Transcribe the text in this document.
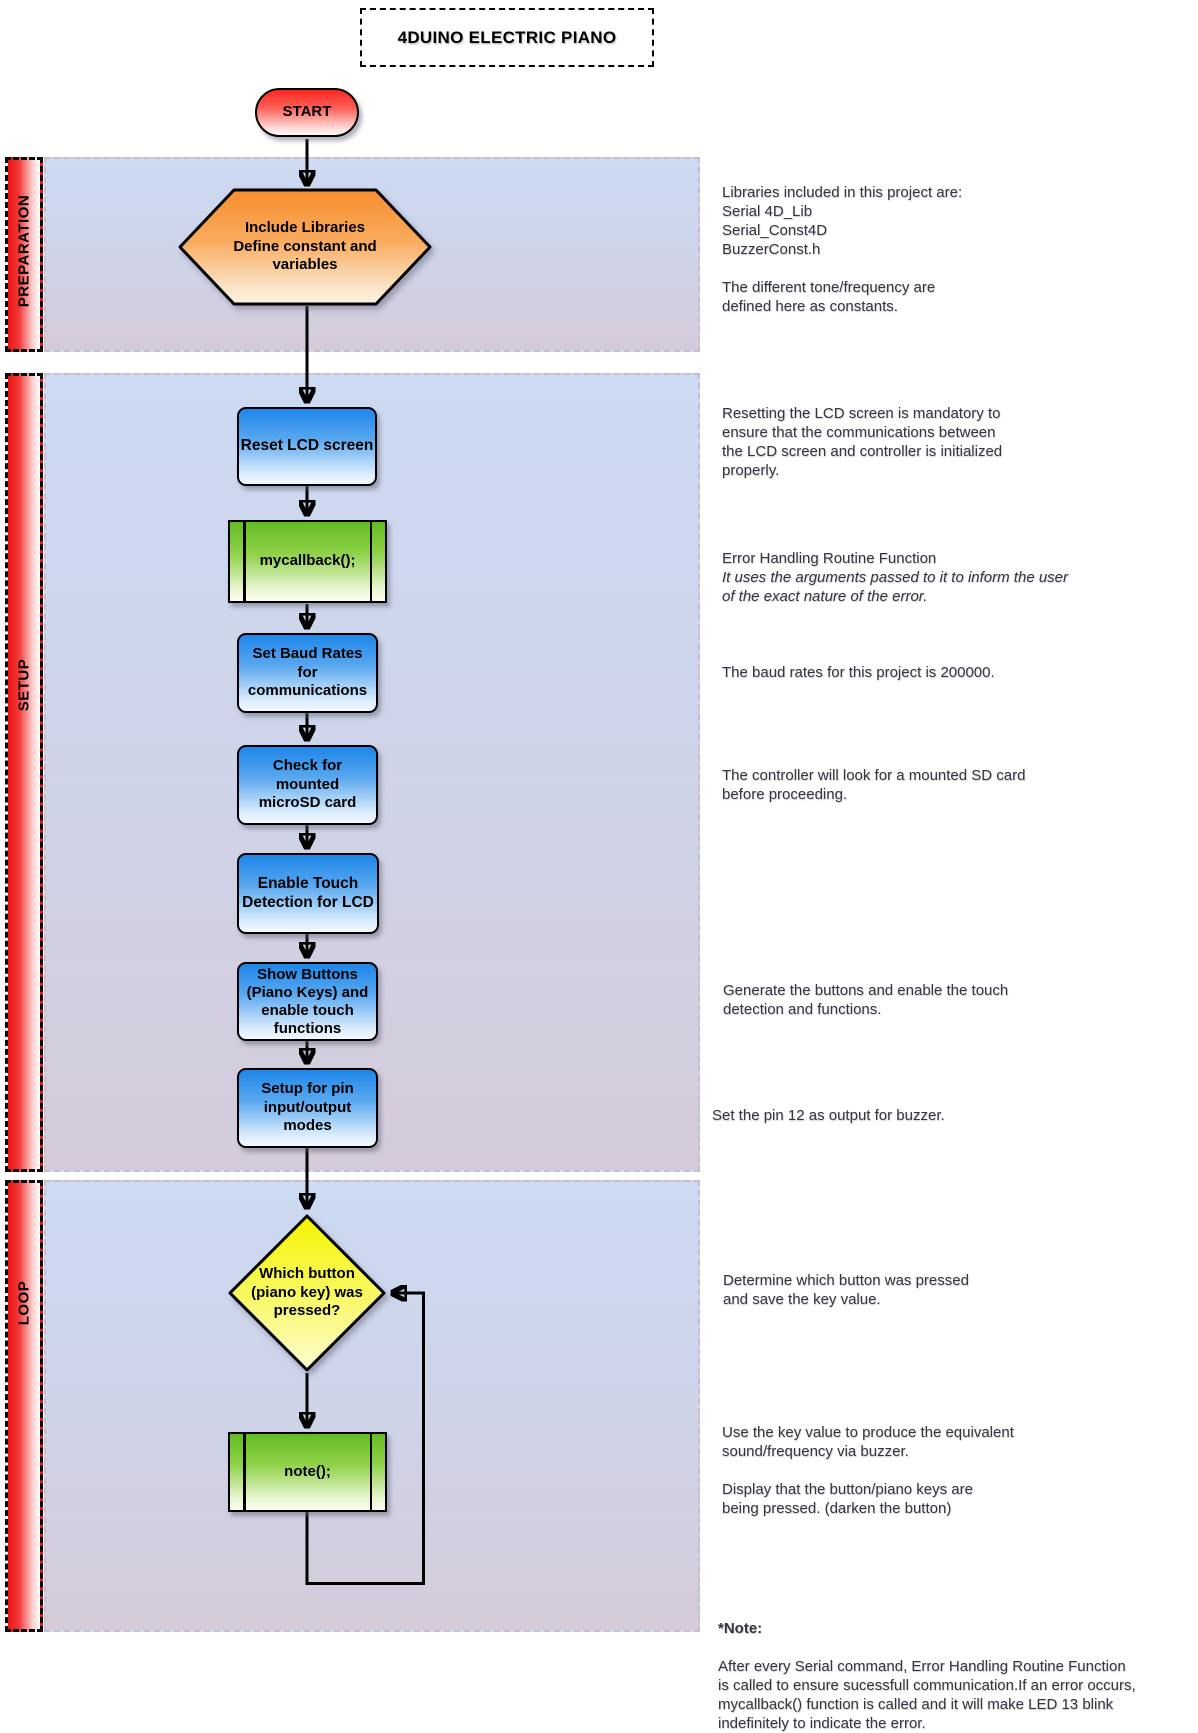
PREPARATION
SETUP
LOOP
4DUINO ELECTRIC PIANO
START
Include Libraries
Define constant and
variables
Reset LCD screen
mycallback();
Set Baud Rates
for
communications
Check for
mounted
microSD card
Enable Touch
Detection for LCD
Show Buttons
(Piano Keys) and
enable touch
functions
Setup for pin
input/output
modes
Which button
(piano key) was
pressed?
note();
Libraries included in this project are:
Serial 4D_Lib
Serial_Const4D
BuzzerConst.h

The different tone/frequency are
defined here as constants.
Resetting the LCD screen is mandatory to
ensure that the communications between
the LCD screen and controller is initialized
properly.

Error Handling Routine Function

It uses the arguments passed to it to inform the user
of the exact nature of the error.

The baud rates for this project is 200000.
The controller will look for a mounted SD card
before proceeding.
Generate the buttons and enable the touch
detection and functions.
Set the pin 12 as output for buzzer.
Determine which button was pressed
and save the key value.
Use the key value to produce the equivalent
sound/frequency via buzzer.

Display that the button/piano keys are
being pressed. (darken the button)

*Note:

After every Serial command, Error Handling Routine Function
is called to ensure sucessfull communication.If an error occurs,
mycallback() function is called and it will make LED 13 blink
indefinitely to indicate the error.
